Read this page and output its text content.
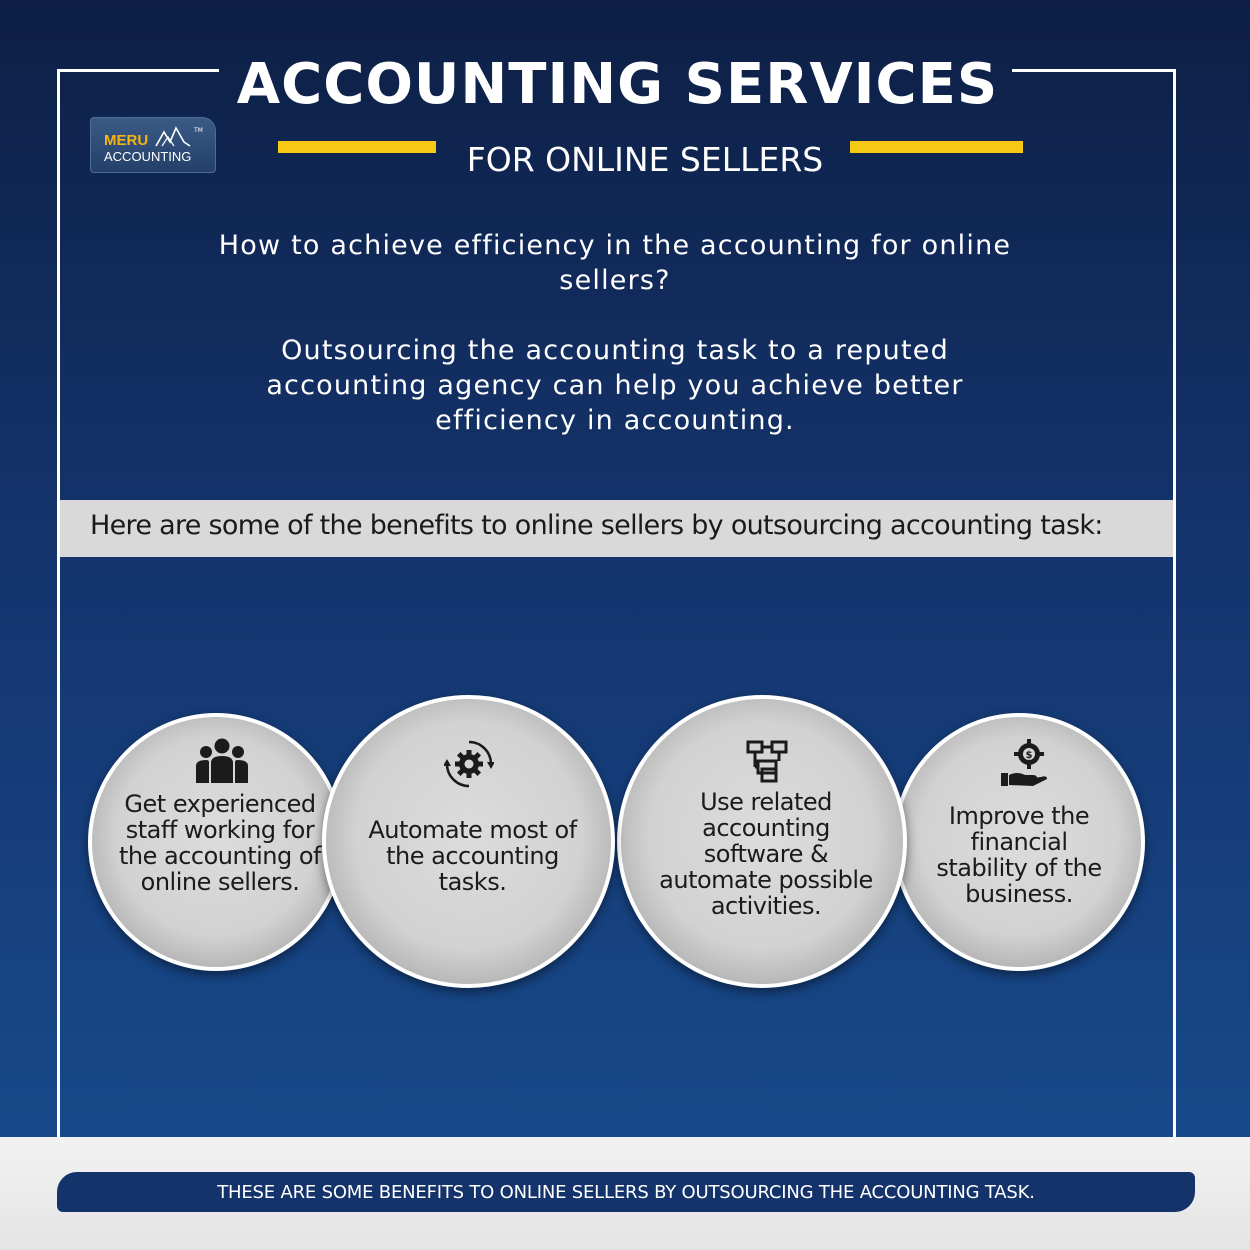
ACCOUNTING SERVICES
FOR ONLINE SELLERS
MERU
TM
ACCOUNTING
How to achieve efficiency in the accounting for online sellers?
Outsourcing the accounting task to a reputed accounting agency can help you achieve better efficiency in accounting.
Here are some of the benefits to online sellers by outsourcing accounting task:
$
Improve the financial stability of the business.
Use related accounting software & automate possible activities.
Get experienced staff working for the accounting of online sellers.
Automate most of the accounting tasks.
THESE ARE SOME BENEFITS TO ONLINE SELLERS BY OUTSOURCING THE ACCOUNTING TASK.
